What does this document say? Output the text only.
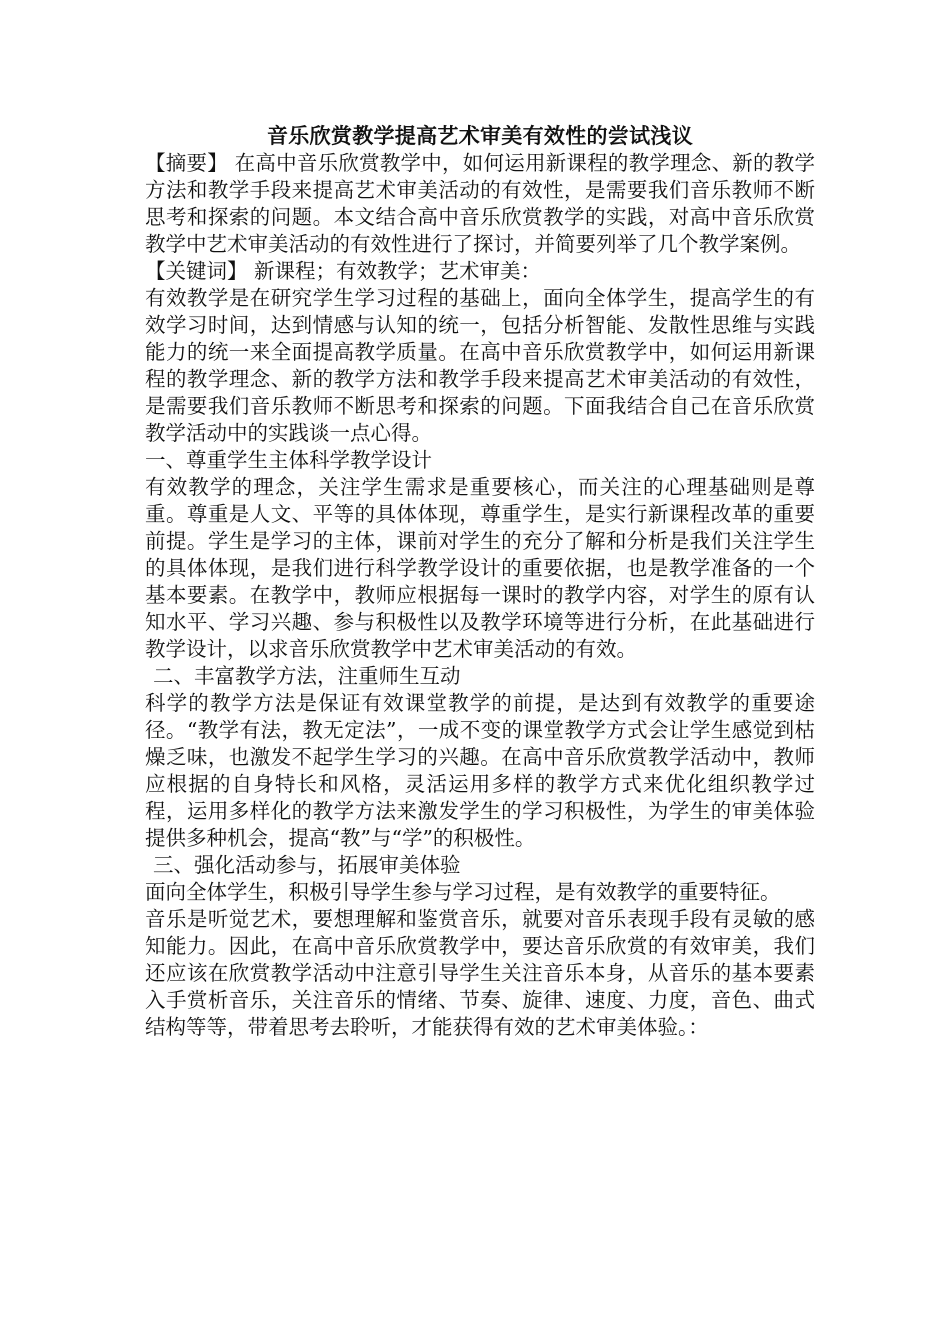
音乐欣赏教学提高艺术审美有效性的尝试浅议

【摘要】 在高中音乐欣赏教学中，如何运用新课程的教学理念、新的教学方法和教学手段来提高艺术审美活动的有效性，是需要我们音乐教师不断思考和探索的问题。本文结合高中音乐欣赏教学的实践，对高中音乐欣赏教学中艺术审美活动的有效性进行了探讨，并简要列举了几个教学案例。

【关键词】 新课程；有效教学；艺术审美：

有效教学是在研究学生学习过程的基础上，面向全体学生，提高学生的有效学习时间，达到情感与认知的统一，包括分析智能、发散性思维与实践能力的统一来全面提高教学质量。在高中音乐欣赏教学中，如何运用新课程的教学理念、新的教学方法和教学手段来提高艺术审美活动的有效性，是需要我们音乐教师不断思考和探索的问题。下面我结合自己在音乐欣赏教学活动中的实践谈一点心得。

一、尊重学生主体科学教学设计

有效教学的理念，关注学生需求是重要核心，而关注的心理基础则是尊重。尊重是人文、平等的具体体现，尊重学生，是实行新课程改革的重要前提。学生是学习的主体，课前对学生的充分了解和分析是我们关注学生的具体体现，是我们进行科学教学设计的重要依据，也是教学准备的一个基本要素。在教学中，教师应根据每一课时的教学内容，对学生的原有认知水平、学习兴趣、参与积极性以及教学环境等进行分析，在此基础进行教学设计，以求音乐欣赏教学中艺术审美活动的有效。

二、丰富教学方法，注重师生互动

科学的教学方法是保证有效课堂教学的前提，是达到有效教学的重要途径。“教学有法，教无定法”，一成不变的课堂教学方式会让学生感觉到枯燥乏味，也激发不起学生学习的兴趣。在高中音乐欣赏教学活动中，教师应根据的自身特长和风格，灵活运用多样的教学方式来优化组织教学过程，运用多样化的教学方法来激发学生的学习积极性，为学生的审美体验提供多种机会，提高“教”与“学”的积极性。

三、强化活动参与，拓展审美体验

面向全体学生，积极引导学生参与学习过程，是有效教学的重要特征。

音乐是听觉艺术，要想理解和鉴赏音乐，就要对音乐表现手段有灵敏的感知能力。因此，在高中音乐欣赏教学中，要达音乐欣赏的有效审美，我们还应该在欣赏教学活动中注意引导学生关注音乐本身，从音乐的基本要素入手赏析音乐，关注音乐的情绪、节奏、旋律、速度、力度，音色、曲式结构等等，带着思考去聆听，才能获得有效的艺术审美体验。：
